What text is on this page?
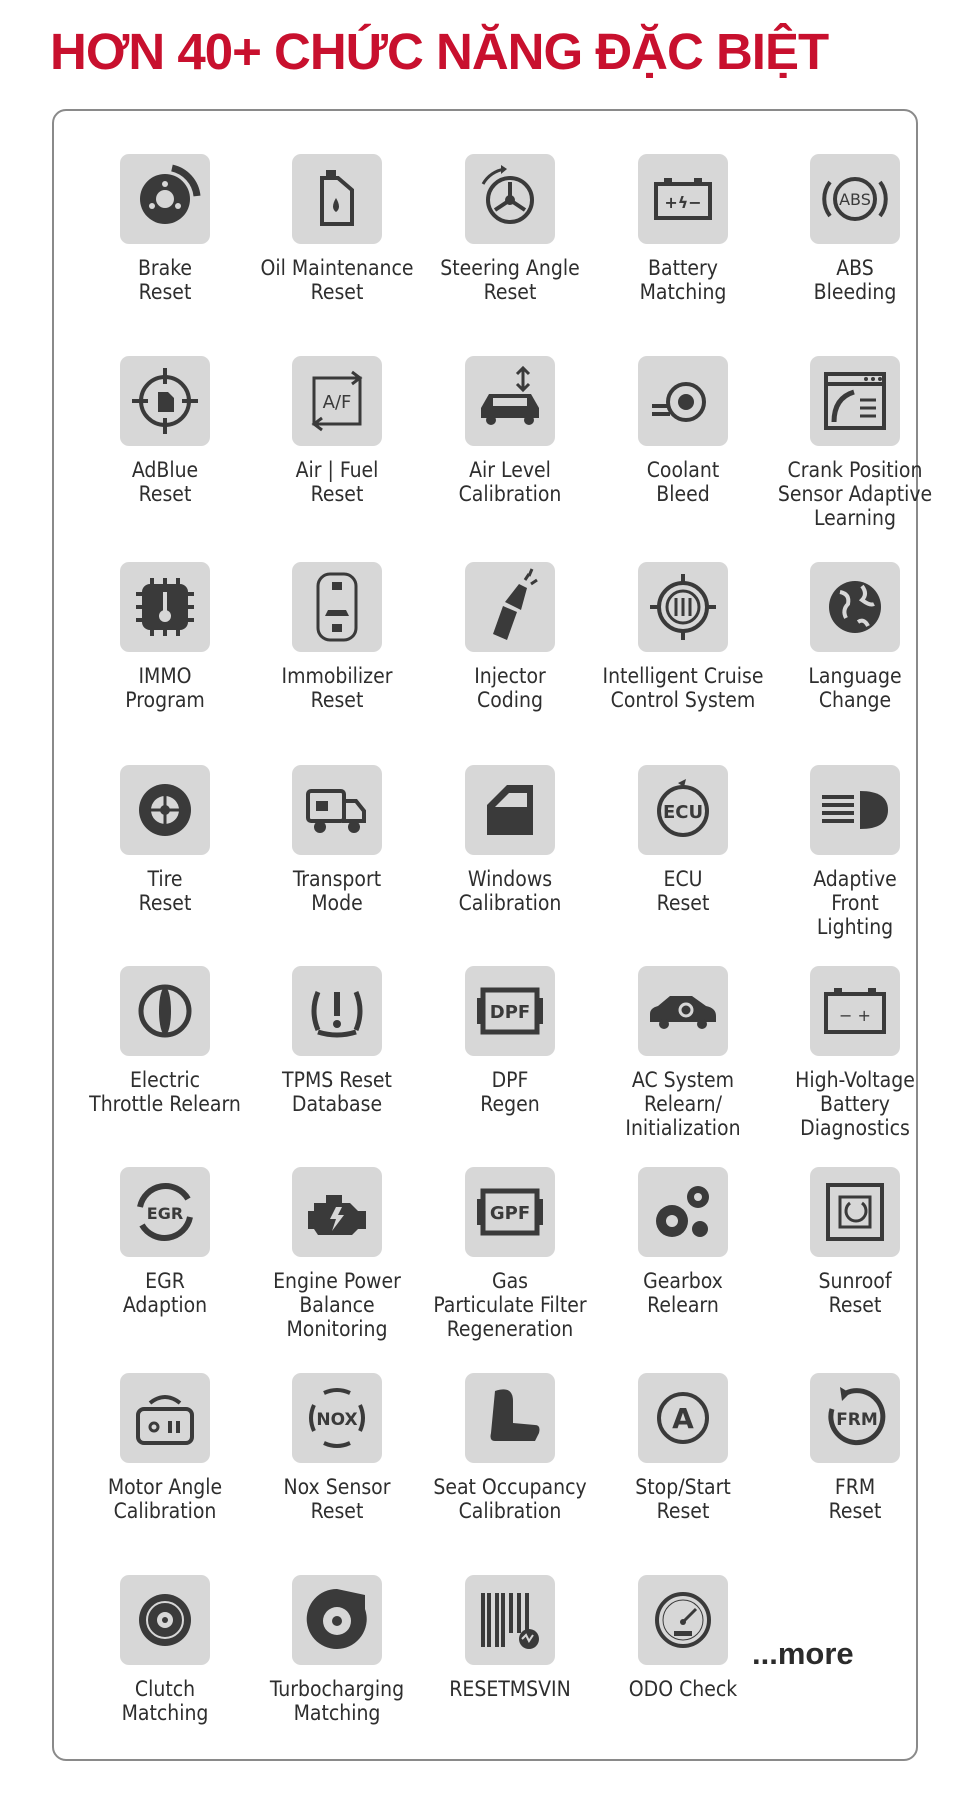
HƠN 40+ CHỨC NĂNG ĐẶC BIỆT
Brake
Reset
Oil Maintenance
Reset
Steering Angle
Reset
+ϟ−
Battery
Matching
ABS
ABS
Bleeding
AdBlue
Reset
A/F
Air | Fuel
Reset
Air Level
Calibration
Coolant
Bleed
Crank Position
Sensor Adaptive
Learning
IMMO
Program
Immobilizer
Reset
Injector
Coding
Intelligent Cruise
Control System
Language
Change
Tire
Reset
Transport
Mode
Windows
Calibration
ECU
ECU
Reset
Adaptive
Front
Lighting
Electric
Throttle Relearn
TPMS Reset
Database
DPF
DPF
Regen
AC System
Relearn/
Initialization
− +
High-Voltage
Battery
Diagnostics
EGR
EGR
Adaption
Engine Power
Balance
Monitoring
GPF
Gas
Particulate Filter
Regeneration
Gearbox
Relearn
Sunroof
Reset
Motor Angle
Calibration
NOX
Nox Sensor
Reset
Seat Occupancy
Calibration
A
Stop/Start
Reset
FRM
FRM
Reset
Clutch
Matching
Turbocharging
Matching
RESETMSVIN	ODO Check
...more
